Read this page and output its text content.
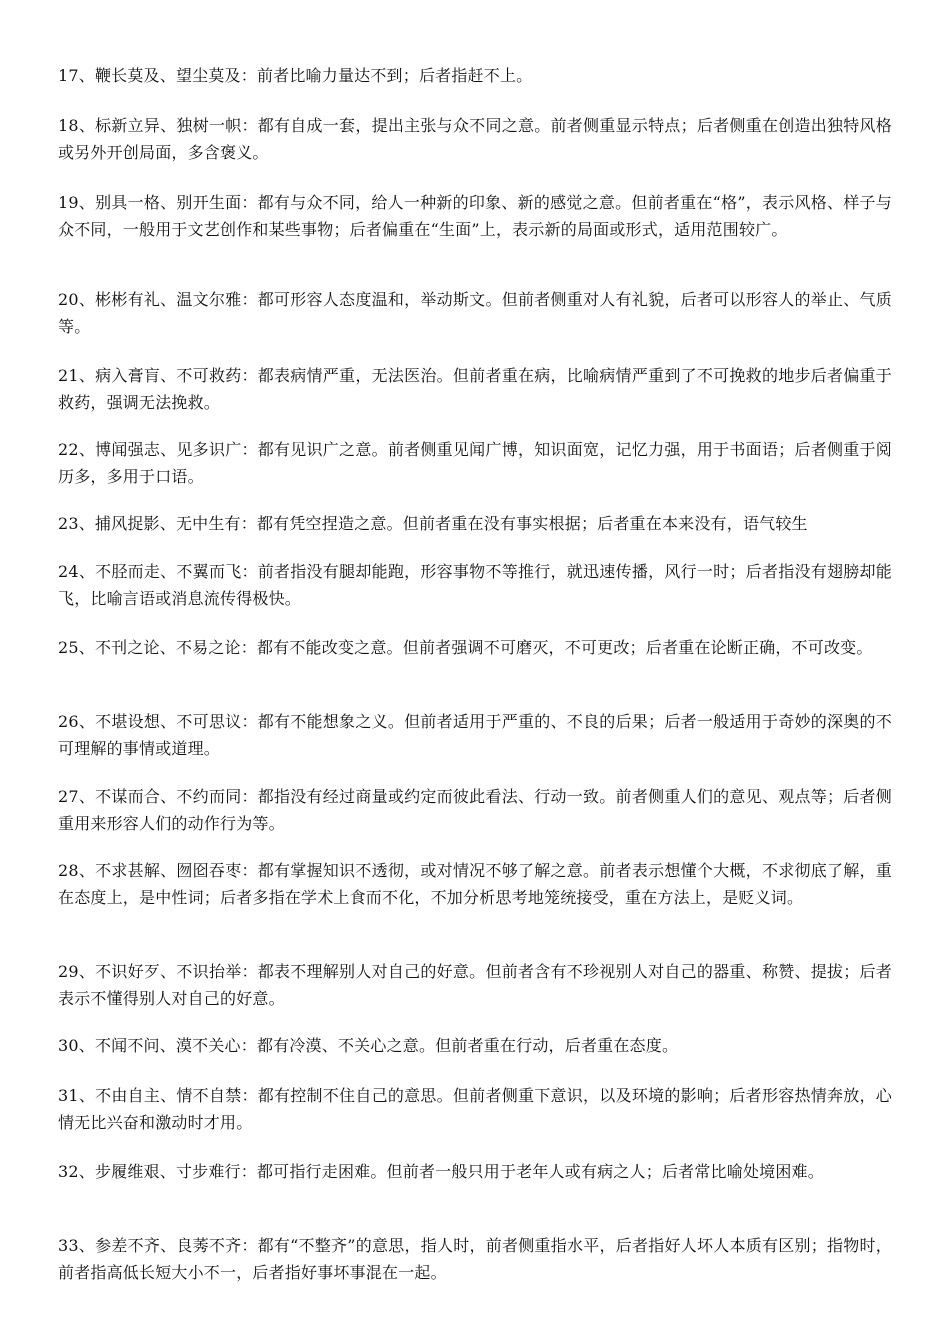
17、鞭长莫及、望尘莫及：前者比喻力量达不到；后者指赶不上。

18、标新立异、独树一帜：都有自成一套，提出主张与众不同之意。前者侧重显示特点；后者侧重在创造出独特风格或另外开创局面，多含褒义。

19、别具一格、别开生面：都有与众不同，给人一种新的印象、新的感觉之意。但前者重在“格”，表示风格、样子与众不同，一般用于文艺创作和某些事物；后者偏重在“生面”上，表示新的局面或形式，适用范围较广。

20、彬彬有礼、温文尔雅：都可形容人态度温和，举动斯文。但前者侧重对人有礼貌，后者可以形容人的举止、气质等。

21、病入膏肓、不可救药：都表病情严重，无法医治。但前者重在病，比喻病情严重到了不可挽救的地步后者偏重于救药，强调无法挽救。

22、博闻强志、见多识广：都有见识广之意。前者侧重见闻广博，知识面宽，记忆力强，用于书面语；后者侧重于阅历多，多用于口语。

23、捕风捉影、无中生有：都有凭空捏造之意。但前者重在没有事实根据；后者重在本来没有，语气较生

24、不胫而走、不翼而飞：前者指没有腿却能跑，形容事物不等推行，就迅速传播，风行一时；后者指没有翅膀却能飞，比喻言语或消息流传得极快。

25、不刊之论、不易之论：都有不能改变之意。但前者强调不可磨灭，不可更改；后者重在论断正确，不可改变。

26、不堪设想、不可思议：都有不能想象之义。但前者适用于严重的、不良的后果；后者一般适用于奇妙的深奥的不可理解的事情或道理。

27、不谋而合、不约而同：都指没有经过商量或约定而彼此看法、行动一致。前者侧重人们的意见、观点等；后者侧重用来形容人们的动作行为等。

28、不求甚解、囫囵吞枣：都有掌握知识不透彻，或对情况不够了解之意。前者表示想懂个大概，不求彻底了解，重在态度上，是中性词；后者多指在学术上食而不化，不加分析思考地笼统接受，重在方法上，是贬义词。

29、不识好歹、不识抬举：都表不理解别人对自己的好意。但前者含有不珍视别人对自己的器重、称赞、提拔；后者表示不懂得别人对自己的好意。

30、不闻不问、漠不关心：都有冷漠、不关心之意。但前者重在行动，后者重在态度。

31、不由自主、情不自禁：都有控制不住自己的意思。但前者侧重下意识，以及环境的影响；后者形容热情奔放，心情无比兴奋和激动时才用。

32、步履维艰、寸步难行：都可指行走困难。但前者一般只用于老年人或有病之人；后者常比喻处境困难。

33、参差不齐、良莠不齐：都有“不整齐”的意思，指人时，前者侧重指水平，后者指好人坏人本质有区别；指物时，前者指高低长短大小不一，后者指好事坏事混在一起。
